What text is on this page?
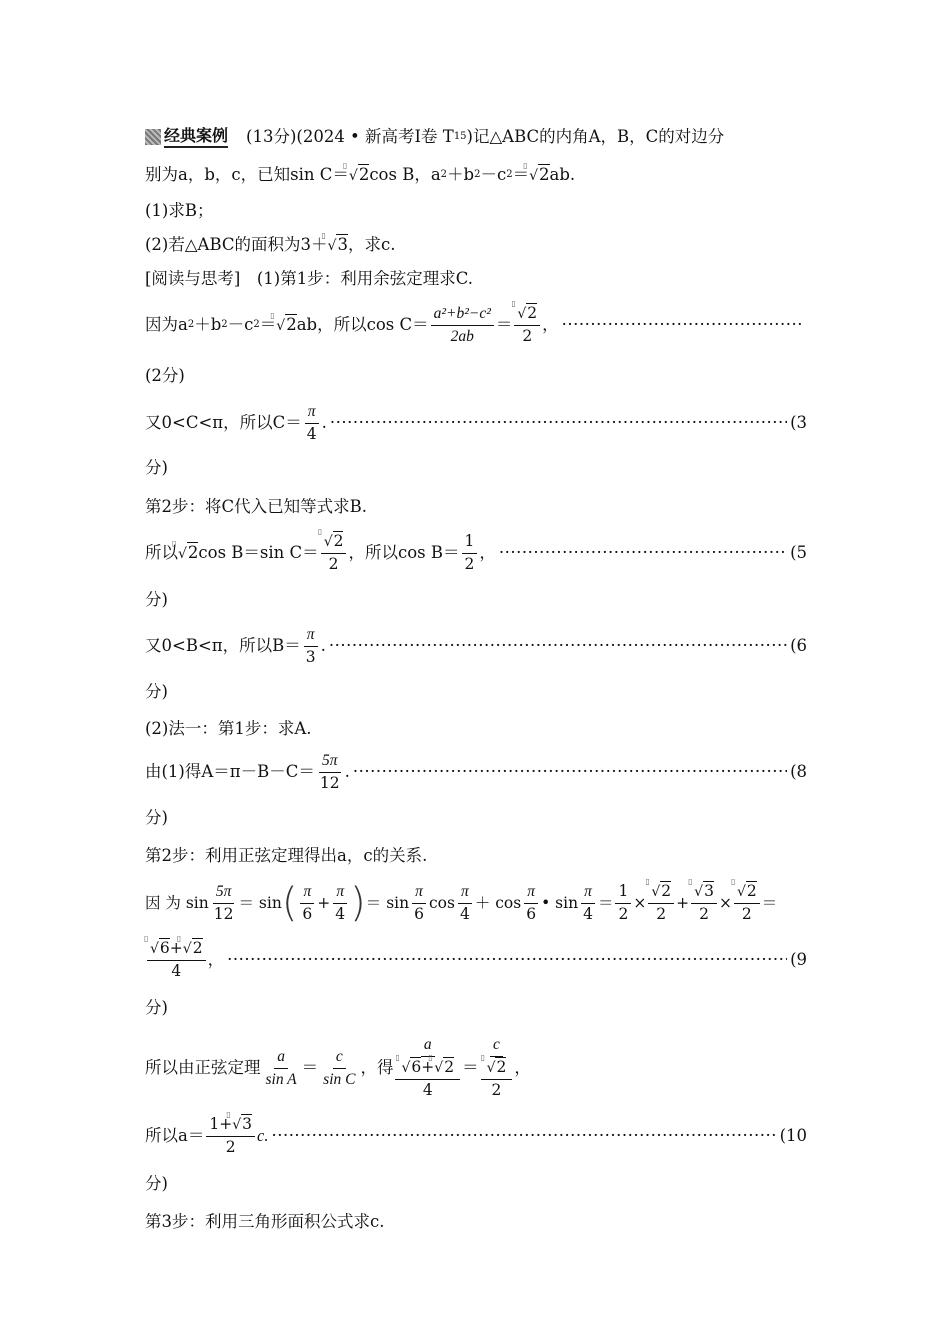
经典案例 (13分)(2024 • 新高考Ⅰ卷 T 15 )记△ABC的内角A，B，C的对边分
别为a，b，c，已知sin C＝ ▯ √2 cos B，a 2 ＋b 2 －c 2 ＝ ▯ √2 ab.
(1)求B；
(2)若△ABC的面积为3＋ ▯ √3 ，求c.
[阅读与思考]　(1)第1步：利用余弦定理求C.
因为a 2 ＋b 2 －c 2 ＝ ▯ √2 ab，所以$\cos C= \frac{\text{a²+b²−c²}}{2ab}$ ＝ ▯ $\frac{√2}{2}$ ，
·····
(2分)
又0<C<π，所以$C= \frac{\pi}{4}$ . ·····	(3
分)
第2步：将C代入已知等式求B.
所以 ▯ √2 cos B＝sin C＝ ▯ $\frac{√2}{2}$ ，所以$\cos B= \frac{1}{2}$ ， ·····	(5
分)
又0<B<π，所以$B= \frac{\pi}{3}$ . ·····	(6
分)
(2)法一：第1步：求A.
由(1)得$A=\pi-B-C= \frac{5\pi}{12}$ . ·····	(8
分)
第2步：利用正弦定理得出a，c的关系.
因 为 $\sin \frac{5\pi}{12} = \sin$ ( $\frac{\pi}{6} + \frac{\pi}{4}$ ) ＝ $\sin \frac{\pi}{6}$ $\cos \frac{\pi}{4} + \cos \frac{\pi}{6}$ • $\sin \frac{\pi}{4} = \frac{1}{2}$ × ▯ $\frac{√2}{2}$ + ▯ $\frac{√3}{2}$ × ▯ $\frac{√2}{2}$ ＝
▯ $\frac{√6+▯ √2}{4}$ ， ·····	(9
分)
所以由正弦定理 $\frac{a}{\text{sin A}} = \frac{c}{\text{sin C}}$ ，得 a
▯ √6+▯ √2
4 ＝ c
▯ √2
2 ，
所以$a= \frac{1+▯ √3}{2} c$. ·····	(10
分)
第3步：利用三角形面积公式求c.
